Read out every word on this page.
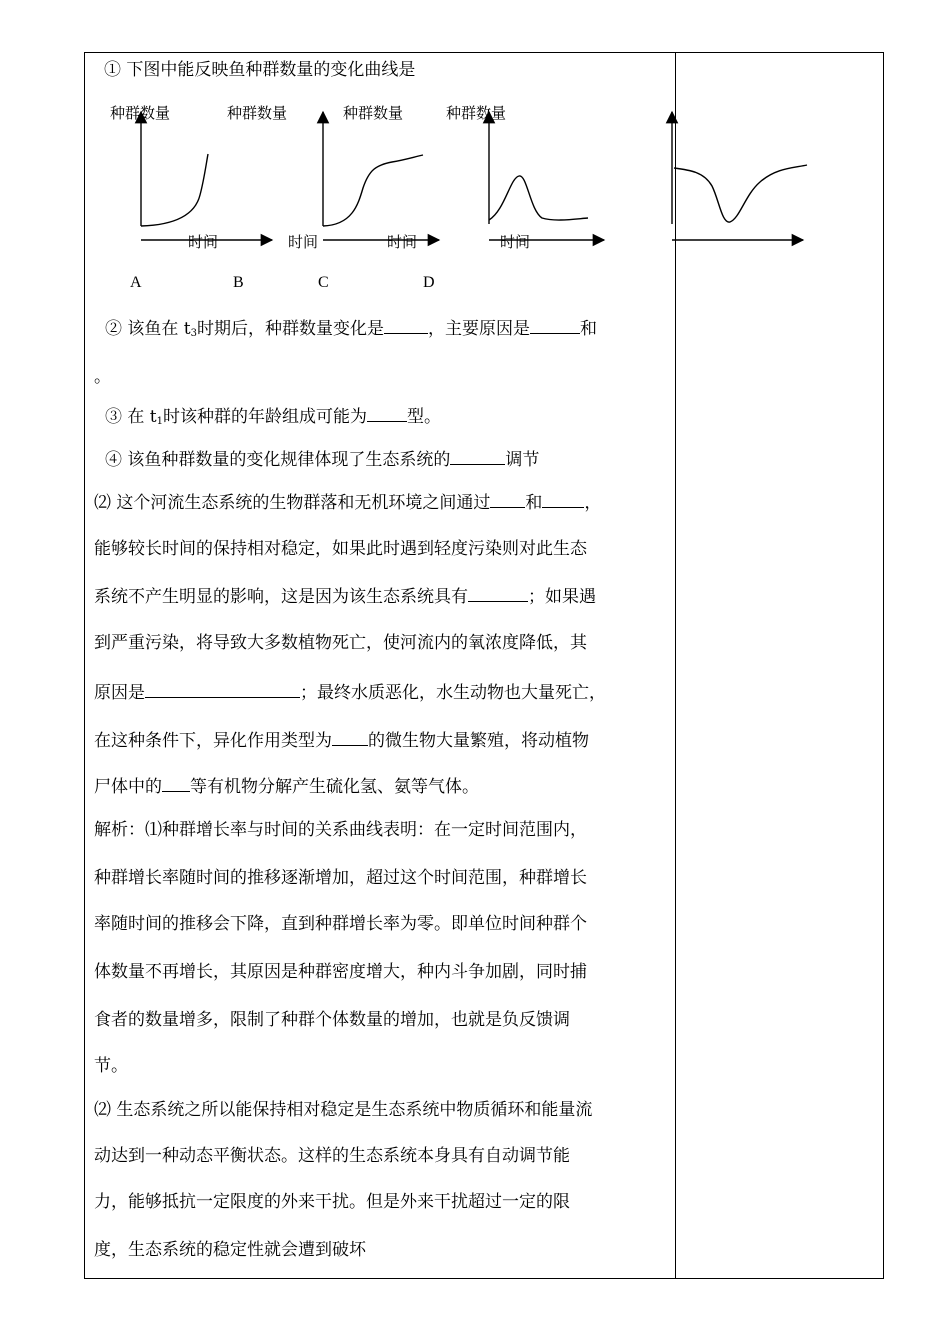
① 下图中能反映鱼种群数量的变化曲线是
种群数量	种群数量	种群数量	种群数量
时间	时间	时间	时间
A	B	C	D
② 该鱼在 $t_3$时期后，种群数量变化是	，主要原因是	和
。
③ 在 $t_1$时该种群的年龄组成可能为 型。
④ 该鱼种群数量的变化规律体现了生态系统的	调节
⑵ 这个河流生态系统的生物群落和无机环境之间通过 和 ，
能够较长时间的保持相对稳定，如果此时遇到轻度污染则对此生态
系统不产生明显的影响，这是因为该生态系统具有	；如果遇
到严重污染，将导致大多数植物死亡，使河流内的氧浓度降低，其
原因是	；最终水质恶化，水生动物也大量死亡，
在这种条件下，异化作用类型为 的微生物大量繁殖，将动植物
尸体中的 等有机物分解产生硫化氢、氨等气体。
解析：⑴种群增长率与时间的关系曲线表明：在一定时间范围内，
种群增长率随时间的推移逐渐增加，超过这个时间范围，种群增长
率随时间的推移会下降，直到种群增长率为零。即单位时间种群个
体数量不再增长，其原因是种群密度增大，种内斗争加剧，同时捕
食者的数量增多，限制了种群个体数量的增加，也就是负反馈调
节。
⑵ 生态系统之所以能保持相对稳定是生态系统中物质循环和能量流
动达到一种动态平衡状态。这样的生态系统本身具有自动调节能
力，能够抵抗一定限度的外来干扰。但是外来干扰超过一定的限
度，生态系统的稳定性就会遭到破坏
